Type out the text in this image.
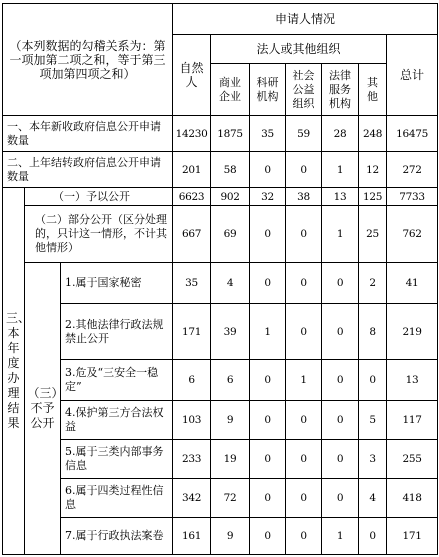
（本列数据的勾稽关系为：第一项加第二项之和，等于第三项加第四项之和）			申请人情况						
			自然人	法人或其他组织					总计
				商业企业	科研机构	社会公益组织	法律服务机构	其他	
一、本年新收政府信息公开申请数量			14230	1875	35	59	28	248	16475
二、上年结转政府信息公开申请数量			201	58	0	0	1	12	272
三、本年度办理结果	（一）予以公开		6623	902	32	38	13	125	7733
	（二）部分公开（区分处理的，只计这一情形，不计其他情形）		667	69	0	0	1	25	762
	（三）不予公开	1.属于国家秘密	35	4	0	0	0	2	41
		2.其他法律行政法规禁止公开	171	39	1	0	0	8	219
		3.危及“三安全一稳定”	6	6	0	1	0	0	13
		4.保护第三方合法权益	103	9	0	0	0	5	117
		5.属于三类内部事务信息	233	19	0	0	0	3	255
		6.属于四类过程性信息	342	72	0	0	0	4	418
		7.属于行政执法案卷	161	9	0	0	1	0	171
